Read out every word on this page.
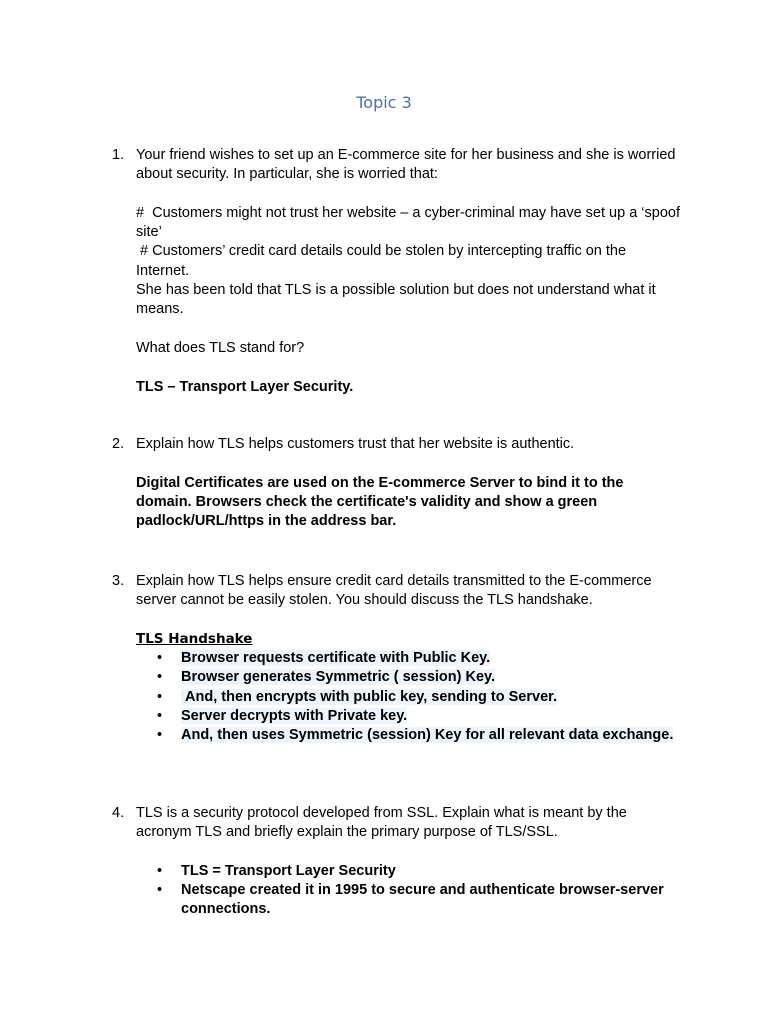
Topic 3
1. Your friend wishes to set up an E-commerce site for her business and she is worried about security. In particular, she is worried that:

#  Customers might not trust her website – a cyber-criminal may have set up a ‘spoof site’

# Customers’ credit card details could be stolen by intercepting traffic on the Internet.

She has been told that TLS is a possible solution but does not understand what it means.

What does TLS stand for?

TLS – Transport Layer Security.

2. Explain how TLS helps customers trust that her website is authentic.

Digital Certificates are used on the E-commerce Server to bind it to the domain. Browsers check the certificate's validity and show a green padlock/URL/https in the address bar.

3. Explain how TLS helps ensure credit card details transmitted to the E-commerce server cannot be easily stolen. You should discuss the TLS handshake.

TLS Handshake

• Browser requests certificate with Public Key.
• Browser generates Symmetric ( session) Key.
• And, then encrypts with public key, sending to Server.
• Server decrypts with Private key.
• And, then uses Symmetric (session) Key for all relevant data exchange.
4. TLS is a security protocol developed from SSL. Explain what is meant by the acronym TLS and briefly explain the primary purpose of TLS/SSL.

• TLS = Transport Layer Security
• Netscape created it in 1995 to secure and authenticate browser-server connections.
